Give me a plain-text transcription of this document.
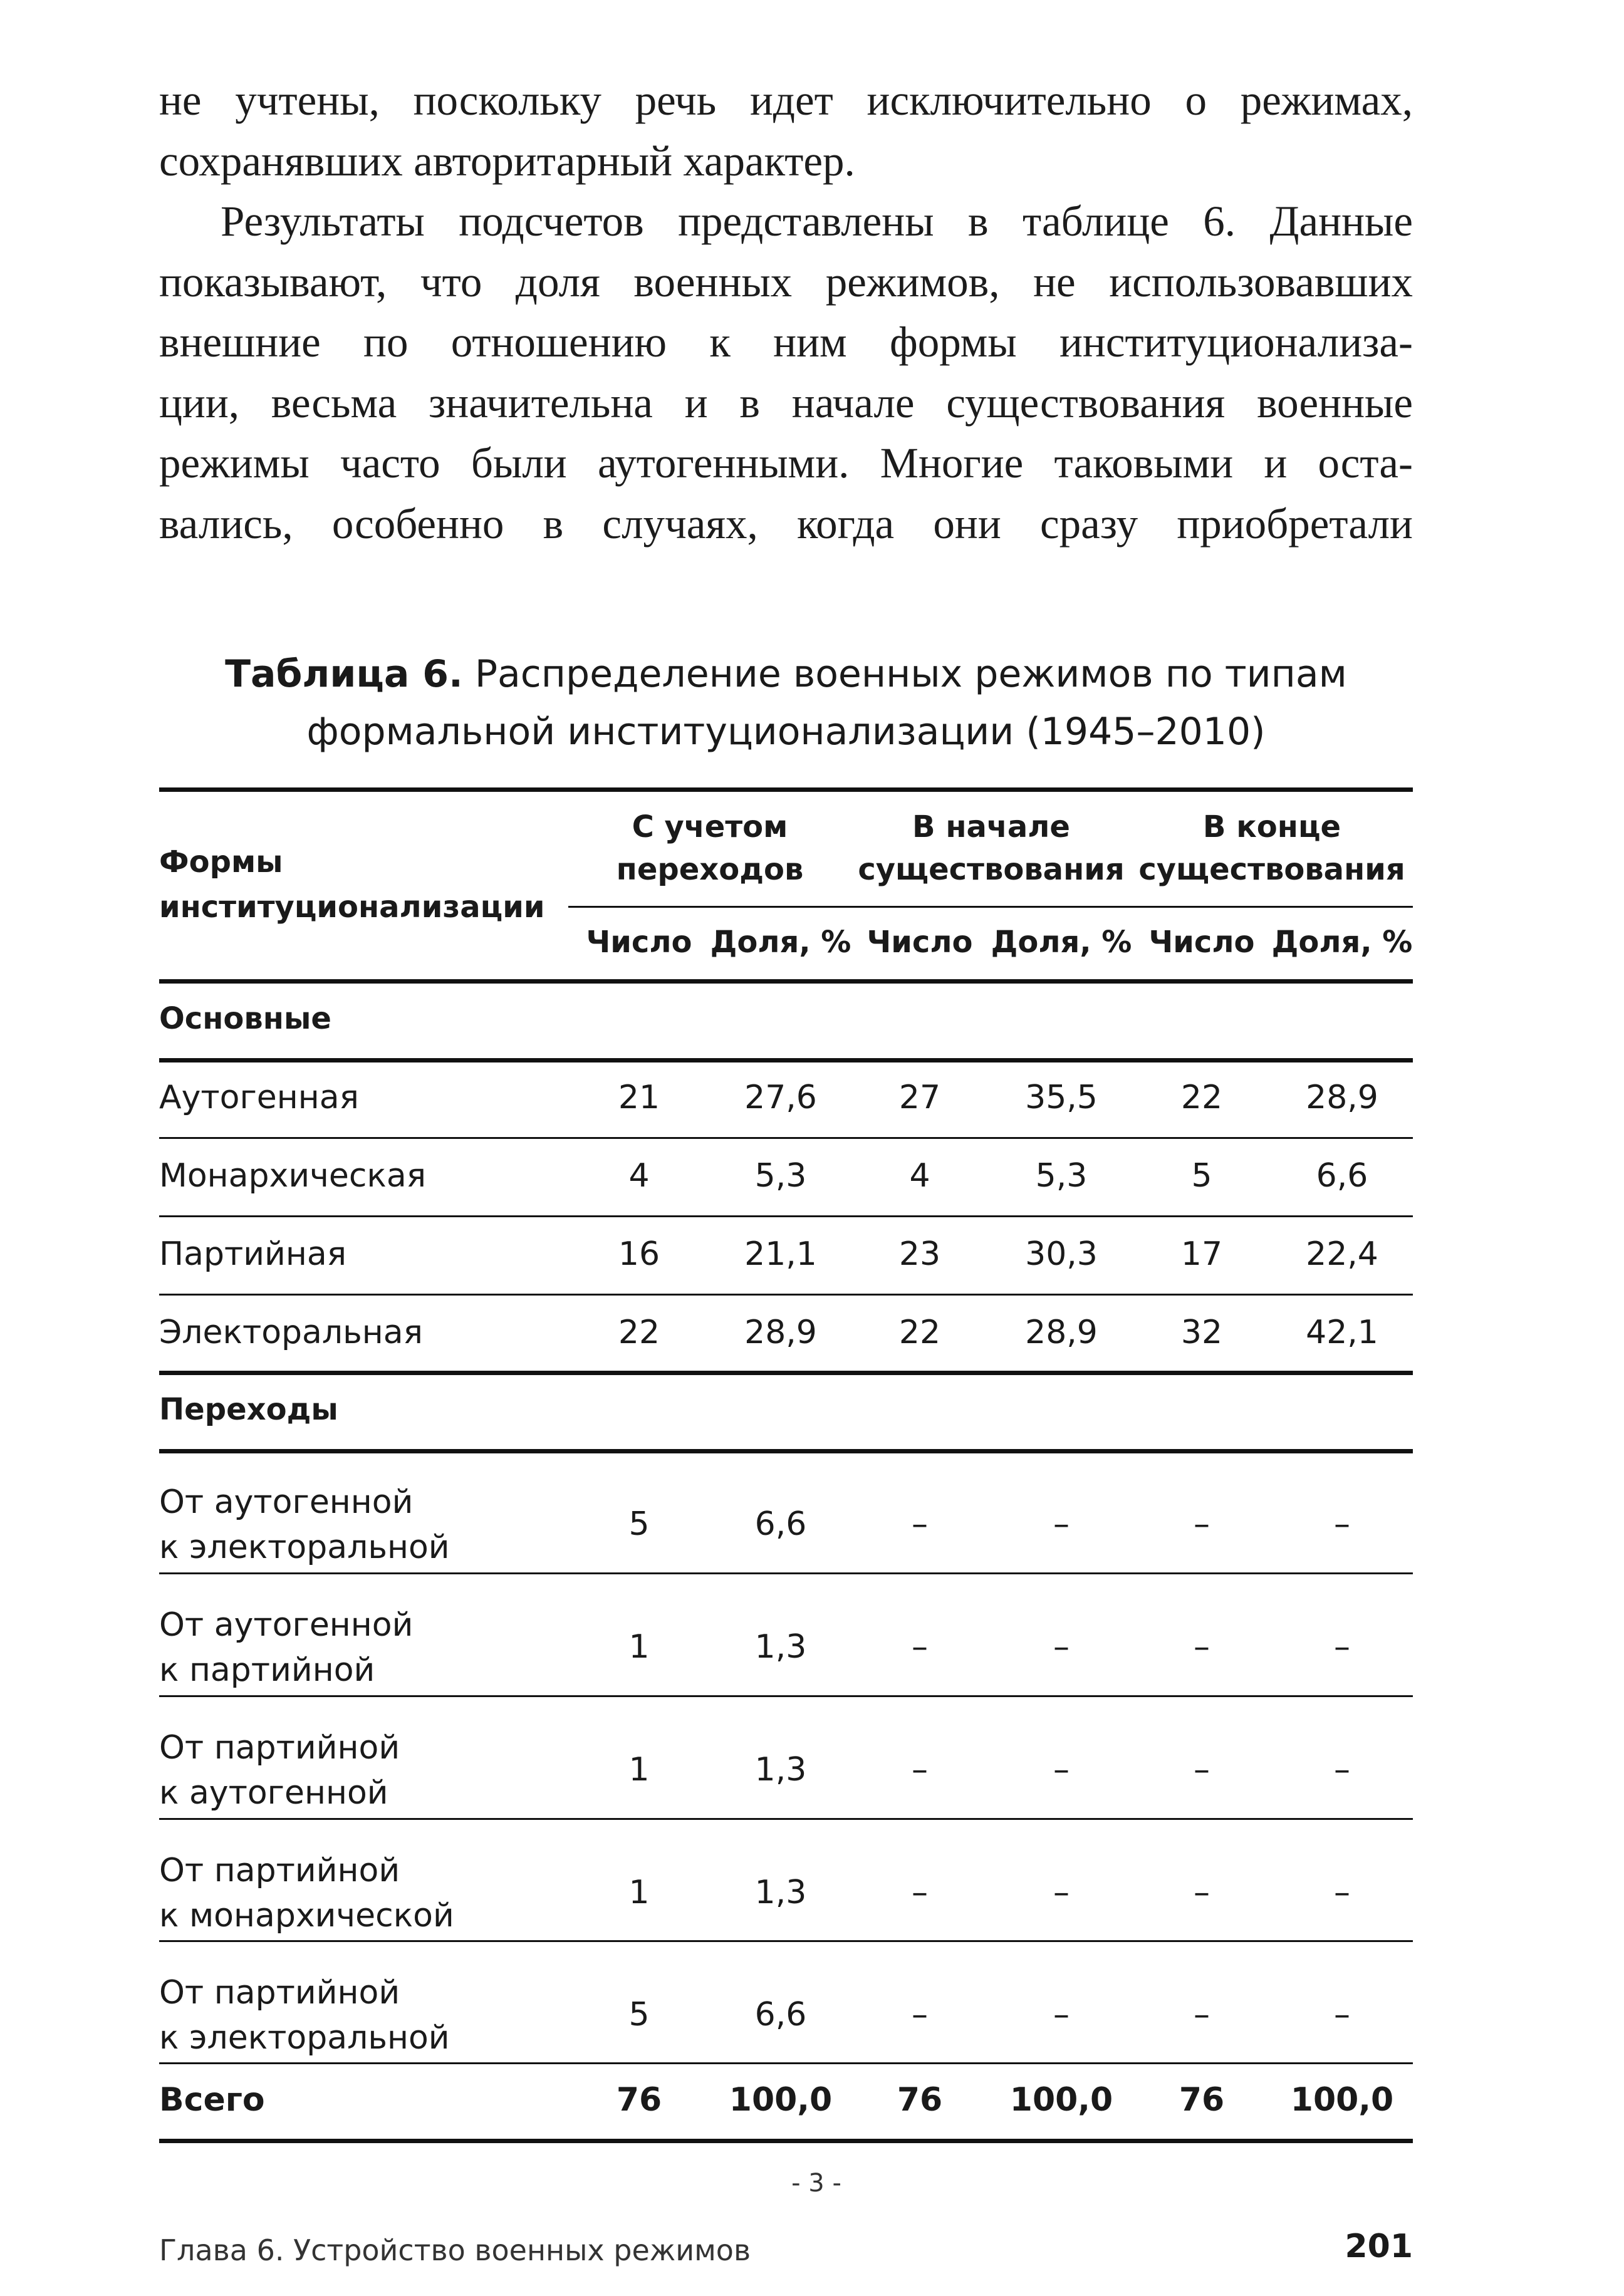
не учтены, поскольку речь идет исключительно о режимах,
сохранявших авторитарный характер.

Результаты подсчетов представлены в таблице 6. Данные
показывают, что доля военных режимов, не использовавших
внешние по отношению к ним формы институционализа-
ции, весьма значительна и в начале существования военные
режимы часто были аутогенными. Многие таковыми и оста-
вались, особенно в случаях, когда они сразу приобретали

Таблица 6. Распределение военных режимов по типам
формальной институционализации (1945–2010)
Формы
институционализации
С учетом
переходов
В начале
существования
В конце
существования
Число Доля, % Число Доля, % Число Доля, %
Основные
Аутогенная	21	27,6	27	35,5	22	28,9
Монархическая	4	5,3	4	5,3	5	6,6
Партийная	16	21,1	23	30,3	17	22,4
Электоральная	22	28,9	22	28,9	32	42,1
Переходы
От аутогенной
к электоральной
5	6,6	–	–	–	–
От аутогенной
к партийной
1	1,3	–	–	–	–
От партийной
к аутогенной
1	1,3	–	–	–	–
От партийной
к монархической
1	1,3	–	–	–	–
От партийной
к электоральной
5	6,6	–	–	–	–
Всего	76 100,0 76 100,0 76 100,0
- 3 -
Глава 6. Устройство военных режимов	201
